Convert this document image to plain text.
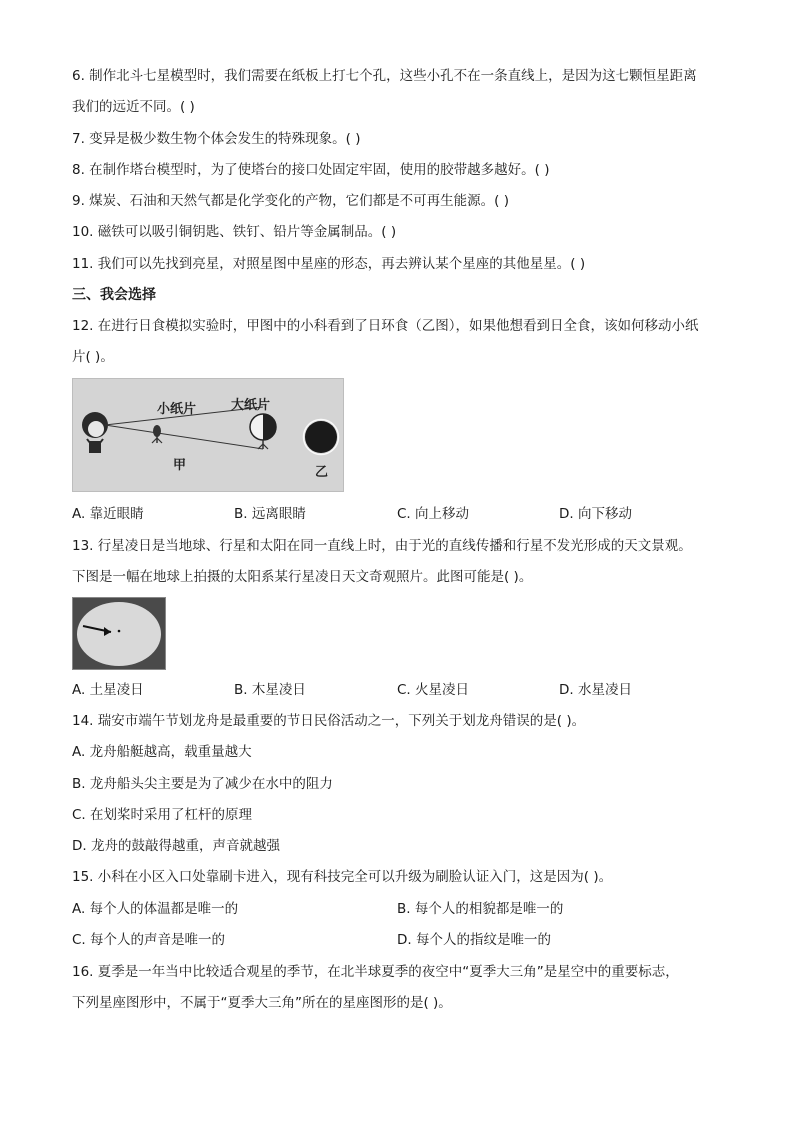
6. 制作北斗七星模型时，我们需要在纸板上打七个孔，这些小孔不在一条直线上，是因为这七颗恒星距离
我们的远近不同。( )
7. 变异是极少数生物个体会发生的特殊现象。( )
8. 在制作塔台模型时，为了使塔台的接口处固定牢固，使用的胶带越多越好。( )
9. 煤炭、石油和天然气都是化学变化的产物，它们都是不可再生能源。( )
10. 磁铁可以吸引铜钥匙、铁钉、铅片等金属制品。( )
11. 我们可以先找到亮星，对照星图中星座的形态，再去辨认某个星座的其他星星。( )
三、我会选择
12. 在进行日食模拟实验时，甲图中的小科看到了日环食（乙图），如果他想看到日全食，该如何移动小纸
片( )。
小纸片	大纸片
甲	乙
A. 靠近眼睛	B. 远离眼睛	C. 向上移动	D. 向下移动
13. 行星凌日是当地球、行星和太阳在同一直线上时，由于光的直线传播和行星不发光形成的天文景观。
下图是一幅在地球上拍摄的太阳系某行星凌日天文奇观照片。此图可能是( )。
A. 土星凌日	B. 木星凌日	C. 火星凌日	D. 水星凌日
14. 瑞安市端午节划龙舟是最重要的节日民俗活动之一，下列关于划龙舟错误的是( )。
A. 龙舟船艇越高，载重量越大
B. 龙舟船头尖主要是为了减少在水中的阻力
C. 在划桨时采用了杠杆的原理
D. 龙舟的鼓敲得越重，声音就越强
15. 小科在小区入口处靠刷卡进入，现有科技完全可以升级为刷脸认证入门，这是因为( )。
A. 每个人的体温都是唯一的	B. 每个人的相貌都是唯一的
C. 每个人的声音是唯一的	D. 每个人的指纹是唯一的
16. 夏季是一年当中比较适合观星的季节，在北半球夏季的夜空中“夏季大三角”是星空中的重要标志，
下列星座图形中，不属于“夏季大三角”所在的星座图形的是( )。
